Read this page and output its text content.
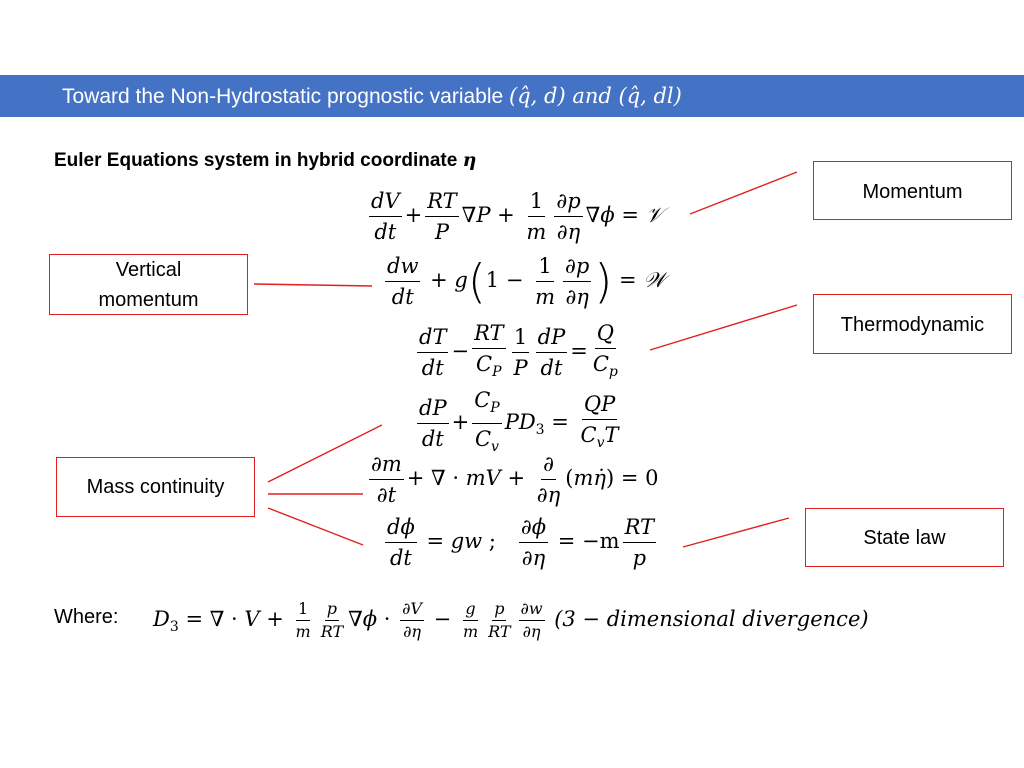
Toward the Non-Hydrostatic prognostic variable (q̂, d) and (q̂, dl)
Euler Equations system in hybrid coordinate η
Momentum
Vertical momentum
Thermodynamic
Mass continuity
State law
$\frac{dV}{dt} + \frac{RT}{P} \nabla P + \frac{1}{m} \frac{\partial p}{\partial\eta} \nabla\phi$ = 𝒱
$\frac{dw}{dt} + g(1 - \frac{1}{m} \frac{\partial p}{\partial\eta}$ ) = 𝒲
$\frac{dT}{dt} - \frac{RT}{C_P} \frac{1}{P} \frac{dP}{dt} = \frac{Q}{C_p}$
$\frac{dP}{dt} + \frac{C_P}{C_v} PD_3 = \frac{QP}{C_vT}$
$\frac{\partial m}{\partial t}$ + ∇ · mV + $\frac{\partial}{\partial\eta}$ (mη̇) = 0
$\frac{d\phi}{dt}$ = gw ; $\frac{\partial\phi}{\partial\eta} = -m \frac{RT}{p}$
Where: $D_3$ = ∇ · $V + \frac{1}{m} \frac{p}{RT} \nabla\phi \cdot \frac{\partial V}{\partial\eta} - \frac{g}{m} \frac{p}{RT} \frac{\partial w}{\partial\eta} (3$ − dimensional divergence)
